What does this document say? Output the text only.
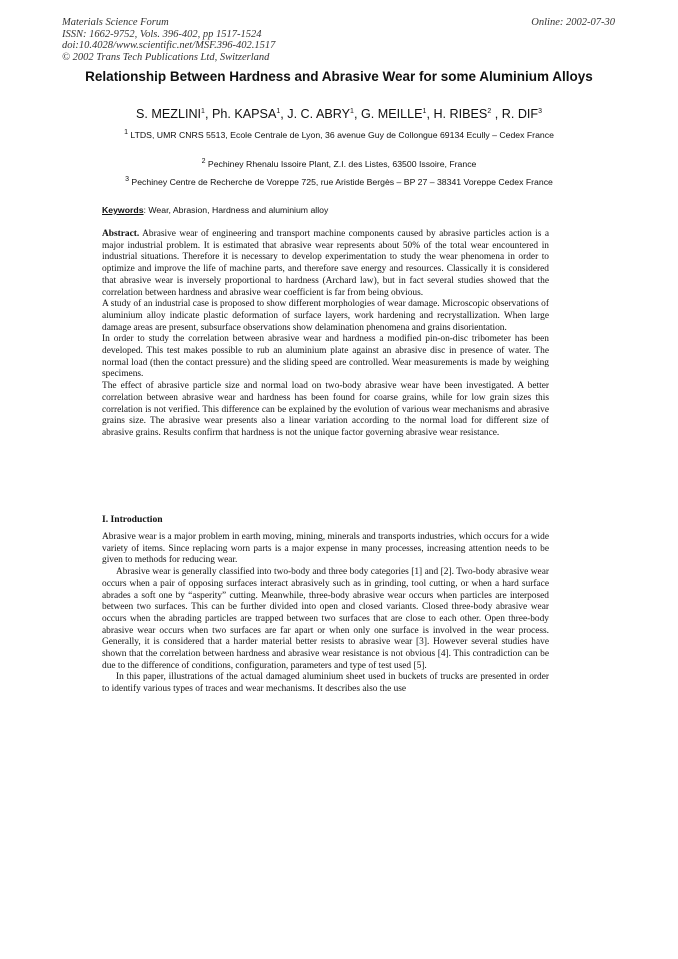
Materials Science Forum
ISSN: 1662-9752, Vols. 396-402, pp 1517-1524
doi:10.4028/www.scientific.net/MSF.396-402.1517
© 2002 Trans Tech Publications Ltd, Switzerland
Online: 2002-07-30
Relationship Between Hardness and Abrasive Wear for some Aluminium Alloys
S. MEZLINI$^1$, Ph. KAPSA$^1$, J. C. ABRY$^1$, G. MEILLE$^1$, H. RIBES$^2$ , R. DIF$^3$
$^1$ LTDS, UMR CNRS 5513, Ecole Centrale de Lyon, 36 avenue Guy de Collongue 69134 Ecully – Cedex France
$^2$ Pechiney Rhenalu Issoire Plant, Z.I. des Listes, 63500 Issoire, France
$^3$ Pechiney Centre de Recherche de Voreppe 725, rue Aristide Bergès – BP 27 – 38341 Voreppe Cedex France
Keywords: Wear, Abrasion, Hardness and aluminium alloy

Abstract. Abrasive wear of engineering and transport machine components caused by abrasive particles action is a major industrial problem. It is estimated that abrasive wear represents about 50% of the total wear encountered in industrial situations. Therefore it is necessary to develop experimentation to study the wear phenomena in order to optimize and improve the life of machine parts, and therefore save energy and resources. Classically it is considered that abrasive wear is inversely proportional to hardness (Archard law), but in fact several studies showed that the correlation between hardness and abrasive wear coefficient is far from being obvious.

A study of an industrial case is proposed to show different morphologies of wear damage. Microscopic observations of aluminium alloy indicate plastic deformation of surface layers, work hardening and recrystallization. When large damage areas are present, subsurface observations show delamination phenomena and grains disorientation.

In order to study the correlation between abrasive wear and hardness a modified pin-on-disc tribometer has been developed. This test makes possible to rub an aluminium plate against an abrasive disc in presence of water. The normal load (then the contact pressure) and the sliding speed are controlled. Wear measurements is made by weighing specimens.

The effect of abrasive particle size and normal load on two-body abrasive wear have been investigated. A better correlation between abrasive wear and hardness has been found for coarse grains, while for low grain sizes this correlation is not verified. This difference can be explained by the evolution of various wear mechanisms and abrasive grains size. The abrasive wear presents also a linear variation according to the normal load for different size of abrasive grains. Results confirm that hardness is not the unique factor governing abrasive wear resistance.

I. Introduction

Abrasive wear is a major problem in earth moving, mining, minerals and transports industries, which occurs for a wide variety of items. Since replacing worn parts is a major expense in many processes, increasing attention needs to be given to methods for reducing wear.

Abrasive wear is generally classified into two-body and three body categories [1] and [2]. Two-body abrasive wear occurs when a pair of opposing surfaces interact abrasively such as in grinding, tool cutting, or when a hard surface abrades a soft one by “asperity” cutting. Meanwhile, three-body abrasive wear occurs when particles are interposed between two surfaces. This can be further divided into open and closed variants. Closed three-body abrasive wear occurs when the abrading particles are trapped between two surfaces that are close to each other. Open three-body abrasive wear occurs when two surfaces are far apart or when only one surface is involved in the wear process. Generally, it is considered that a harder material better resists to abrasive wear [3]. However several studies have shown that the correlation between hardness and abrasive wear resistance is not obvious [4]. This contradiction can be due to the difference of conditions, configuration, parameters and type of test used [5].

In this paper, illustrations of the actual damaged aluminium sheet used in buckets of trucks are presented in order to identify various types of traces and wear mechanisms. It describes also the use
